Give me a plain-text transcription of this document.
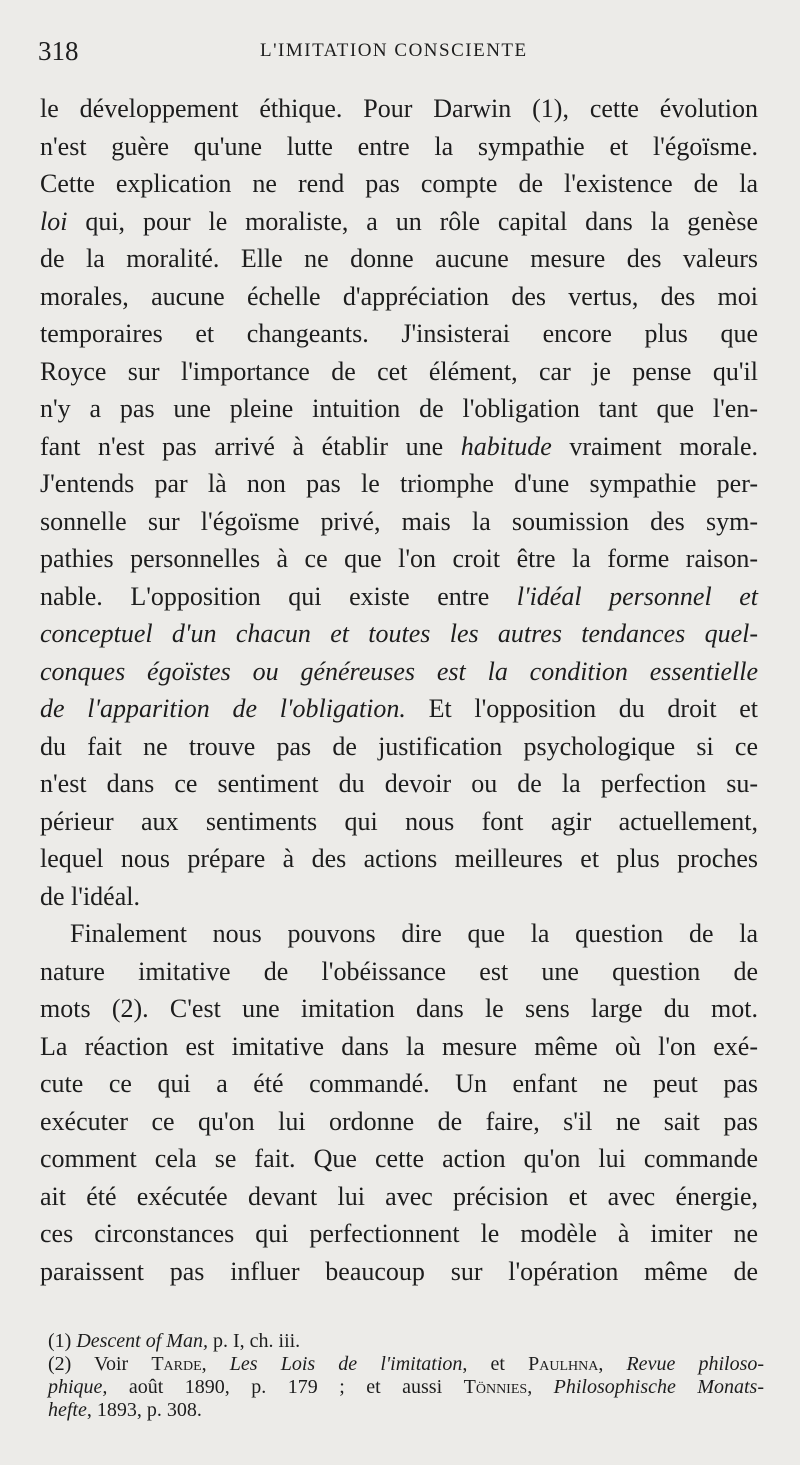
318	L'IMITATION CONSCIENTE
le développement éthique. Pour Darwin (1), cette évolution
n'est guère qu'une lutte entre la sympathie et l'égoïsme.
Cette explication ne rend pas compte de l'existence de la
loi qui, pour le moraliste, a un rôle capital dans la genèse
de la moralité. Elle ne donne aucune mesure des valeurs
morales, aucune échelle d'appréciation des vertus, des moi
temporaires et changeants. J'insisterai encore plus que
Royce sur l'importance de cet élément, car je pense qu'il
n'y a pas une pleine intuition de l'obligation tant que l'en-
fant n'est pas arrivé à établir une habitude vraiment morale.
J'entends par là non pas le triomphe d'une sympathie per-
sonnelle sur l'égoïsme privé, mais la soumission des sym-
pathies personnelles à ce que l'on croit être la forme raison-
nable. L'opposition qui existe entre l'idéal personnel et
conceptuel d'un chacun et toutes les autres tendances quel-
conques égoïstes ou généreuses est la condition essentielle
de l'apparition de l'obligation. Et l'opposition du droit et
du fait ne trouve pas de justification psychologique si ce
n'est dans ce sentiment du devoir ou de la perfection su-
périeur aux sentiments qui nous font agir actuellement,
lequel nous prépare à des actions meilleures et plus proches
de l'idéal.
Finalement nous pouvons dire que la question de la
nature imitative de l'obéissance est une question de
mots (2). C'est une imitation dans le sens large du mot.
La réaction est imitative dans la mesure même où l'on exé-
cute ce qui a été commandé. Un enfant ne peut pas
exécuter ce qu'on lui ordonne de faire, s'il ne sait pas
comment cela se fait. Que cette action qu'on lui commande
ait été exécutée devant lui avec précision et avec énergie,
ces circonstances qui perfectionnent le modèle à imiter ne
paraissent pas influer beaucoup sur l'opération même de
(1) Descent of Man, p. I, ch. iii.
(2) Voir Tarde, Les Lois de l'imitation, et Paulhna, Revue philoso-
phique, août 1890, p. 179 ; et aussi Tönnies, Philosophische Monats-
hefte, 1893, p. 308.
